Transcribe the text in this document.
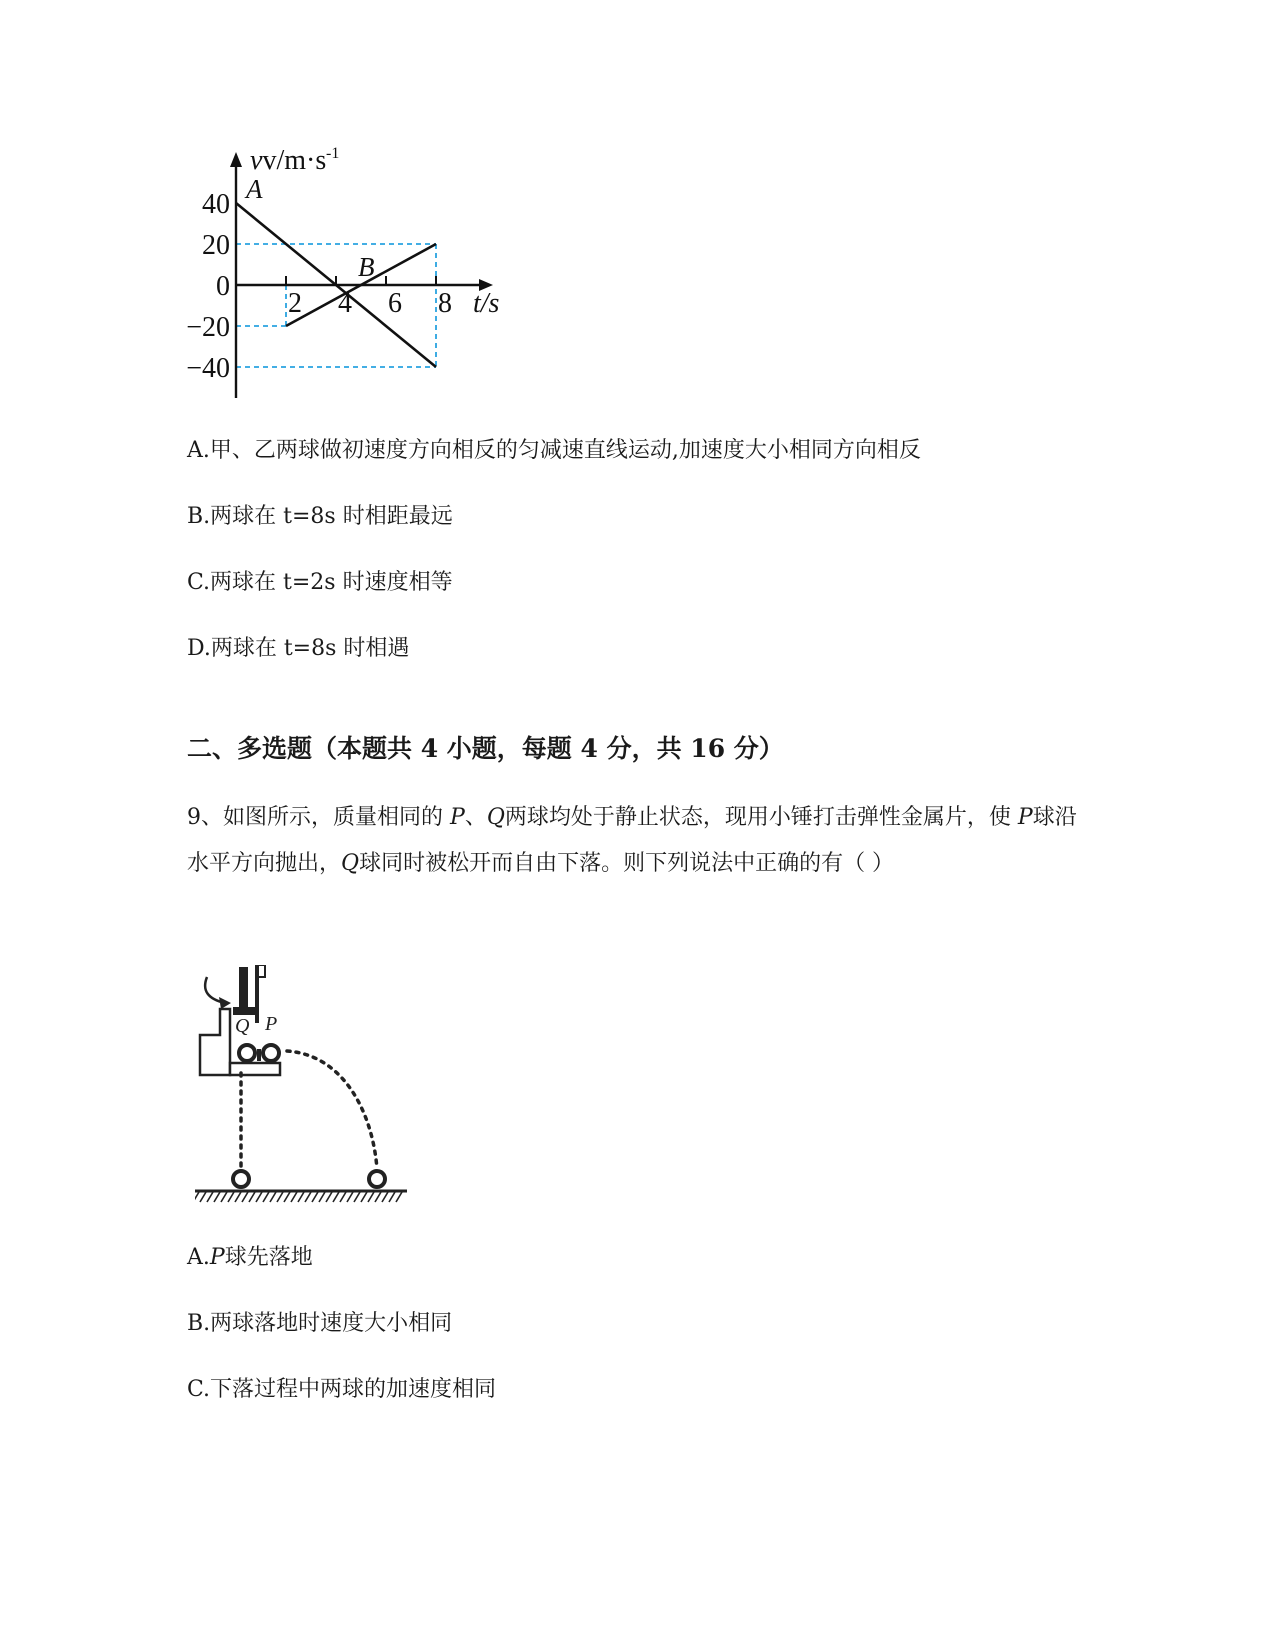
40
20
0
−20
−40
2 4 6 8
vv/m·s -1
t/s
A
B
A.甲、乙两球做初速度方向相反的匀减速直线运动,加速度大小相同方向相反
B.两球在 t=8s 时相距最远
C.两球在 t=2s 时速度相等
D.两球在 t=8s 时相遇
二、多选题（本题共 4 小题，每题 4 分，共 16 分）
9、如图所示，质量相同的 P、Q两球均处于静止状态，现用小锤打击弹性金属片，使 P球沿水平方向抛出，Q球同时被松开而自由下落。则下列说法中正确的有（ ）
Q P
A.P球先落地
B.两球落地时速度大小相同
C.下落过程中两球的加速度相同
